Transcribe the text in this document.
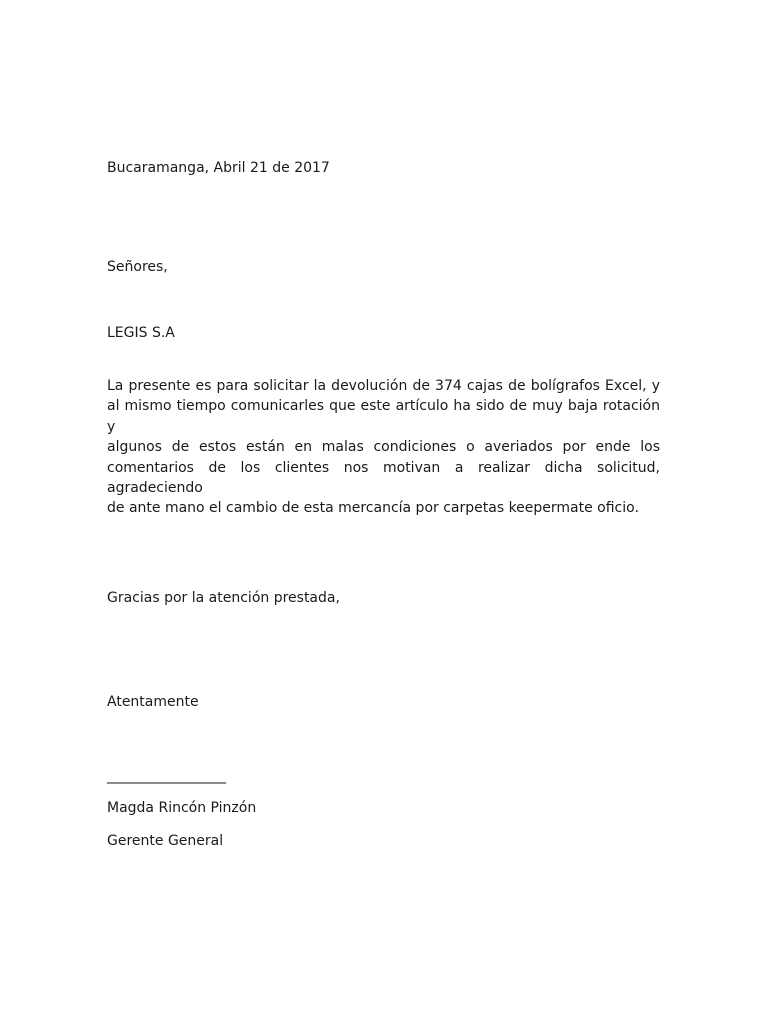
Bucaramanga, Abril 21 de 2017
Señores,
LEGIS S.A
La presente es para solicitar la devolución de 374 cajas de bolígrafos Excel, y
al mismo tiempo comunicarles que este artículo ha sido de muy baja rotación y
algunos de estos están en malas condiciones o averiados por ende los
comentarios de los clientes nos motivan a realizar dicha solicitud, agradeciendo
de ante mano el cambio de esta mercancía por carpetas keepermate oficio.
Gracias por la atención prestada,
Atentamente
_________________
Magda Rincón Pinzón
Gerente General
